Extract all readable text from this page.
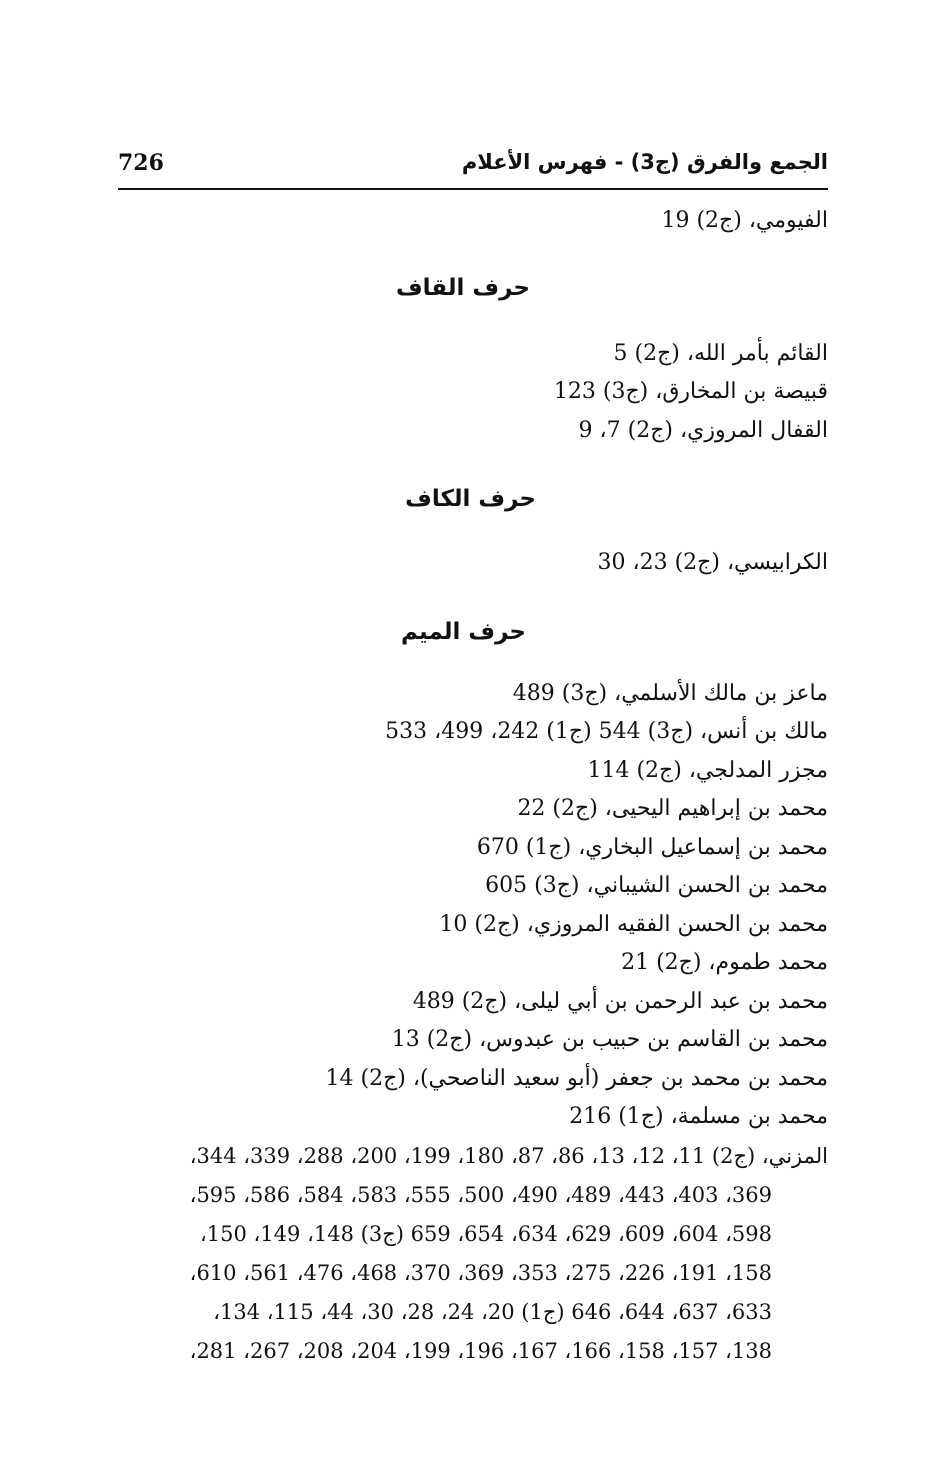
726	الجمع والفرق (ج3) - فهرس الأعلام
الفيومي، (ج2) 19
حرف القاف
القائم بأمر الله، (ج2) 5
قبيصة بن المخارق، (ج3) 123
القفال المروزي، (ج2) 7، 9
حرف الكاف
الكرابيسي، (ج2) 23، 30
حرف الميم
ماعز بن مالك الأسلمي، (ج3) 489
مالك بن أنس، (ج3) 544 (ج1) 242، 499، 533
مجزر المدلجي، (ج2) 114
محمد بن إبراهيم اليحيى، (ج2) 22
محمد بن إسماعيل البخاري، (ج1) 670
محمد بن الحسن الشيباني، (ج3) 605
محمد بن الحسن الفقيه المروزي، (ج2) 10
محمد طموم، (ج2) 21
محمد بن عبد الرحمن بن أبي ليلى، (ج2) 489
محمد بن القاسم بن حبيب بن عبدوس، (ج2) 13
محمد بن محمد بن جعفر (أبو سعيد الناصحي)، (ج2) 14
محمد بن مسلمة، (ج1) 216
المزني، (ج2) 11، 12، 13، 86، 87، 180، 199، 200، 288، 339، 344،
369، 403، 443، 489، 490، 500، 555، 583، 584، 586، 595،
598، 604، 609، 629، 634، 654، 659 (ج3) 148، 149، 150،
158، 191، 226، 275، 353، 369، 370، 468، 476، 561، 610،
633، 637، 644، 646 (ج1) 20، 24، 28، 30، 44، 115، 134،
138، 157، 158، 166، 167، 196، 199، 204، 208، 267، 281،
